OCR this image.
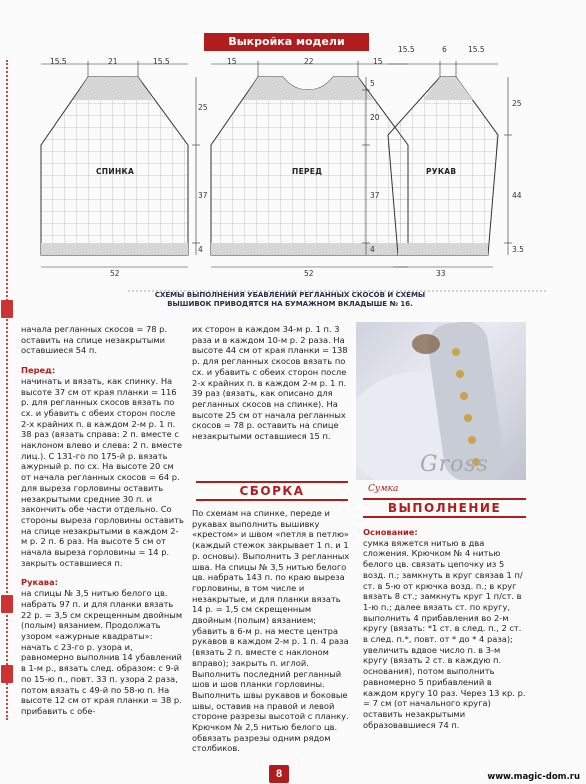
Выкройка модели
15.5	21	15.5
25
37
4
52
СПИНКА
15	22	15
5
20
37
4
52
ПЕРЕД
15.5	6	15.5
25
44
3.5
33
РУКАВ
СХЕМЫ ВЫПОЛНЕНИЯ УБАВЛЕНИЙ РЕГЛАННЫХ СКОСОВ И СХЕМЫ ВЫШИВОК ПРИВОДЯТСЯ НА БУМАЖНОМ ВКЛАДЫШЕ № 16.

начала регланных скосов = 78 р. оставить на спице незакрытыми оставшиеся 54 п.

Перед:

начинать и вязать, как спинку. На высоте 37 см от края планки = 116 р. для регланных скосов вязать по сх. и убавить с обеих сторон после 2-х крайних п. в каждом 2-м р. 1 п. 38 раз (вязать справа: 2 п. вместе с наклоном влево и слева: 2 п. вместе лиц.). С 131-го по 175-й р. вязать ажурный р. по сх. На высоте 20 см от начала регланных скосов = 64 р. для выреза горловины оставить незакрытыми средние 30 п. и закончить обе части отдельно. Со стороны выреза горловины оставить на спице незакрытыми в каждом 2-м р. 2 п. 6 раз. На высоте 5 см от начала выреза горловины = 14 р. закрыть оставшиеся п.

Рукава:

на спицы № 3,5 нитью белого цв. набрать 97 п. и для планки вязать 22 р. = 3,5 см скрещенным двойным (полым) вязанием. Продолжать узором «ажурные квадраты»: начать с 23-го р. узора и, равномерно выполнив 14 убавлений в 1-м р., вязать след. образом: с 9-й по 15-ю п., повт. 33 п. узора 2 раза, потом вязать с 49-й по 58-ю п. На высоте 12 см от края планки = 38 р. прибавить с обе-

их сторон в каждом 34-м р. 1 п. 3 раза и в каждом 10-м р. 2 раза. На высоте 44 см от края планки = 138 р. для регланных скосов вязать по сх. и убавить с обеих сторон после 2-х крайних п. в каждом 2-м р. 1 п. 39 раз (вязать, как описано для регланных скосов на спинке). На высоте 25 см от начала регланных скосов = 78 р. оставить на спице незакрытыми оставшиеся 15 п.

СБОРКА

По схемам на спинке, переде и рукавах выполнить вышивку «крестом» и швом «петля в петлю» (каждый стежок закрывает 1 п. и 1 р. основы). Выполнить 3 регланных шва. На спицы № 3,5 нитью белого цв. набрать 143 п. по краю выреза горловины, в том числе и незакрытые, и для планки вязать 14 р. = 1,5 см скрещенным двойным (полым) вязанием; убавить в 6-м р. на месте центра рукавов в каждом 2-м р. 1 п. 4 раза (вязать 2 п. вместе с наклоном вправо); закрыть п. иглой. Выполнить последний регланный шов и шов планки горловины. Выполнить швы рукавов и боковые швы, оставив на правой и левой стороне разрезы высотой с планку. Крючком № 2,5 нитью белого цв. обвязать разрезы одним рядом столбиков.

Gross
Сумка
ВЫПОЛНЕНИЕ

Основание:

сумка вяжется нитью в два сложения. Крючком № 4 нитью белого цв. связать цепочку из 5 возд. п.; замкнуть в круг связав 1 п/ст. в 5-ю от крючка возд. п.; в круг вязать 8 ст.; замкнуть круг 1 п/ст. в 1-ю п.; далее вязать ст. по кругу, выполнить 4 прибавления во 2-м кругу (вязать: *1 ст. в след. п., 2 ст. в след. п.*, повт. от * до * 4 раза); увеличить вдвое число п. в 3-м кругу (вязать 2 ст. в каждую п. основания), потом выполнить равномерно 5 прибавлений в каждом кругу 10 раз. Через 13 кр. р. = 7 см (от начального круга) оставить незакрытыми образовавшиеся 74 п.

8	www.magic-dom.ru
